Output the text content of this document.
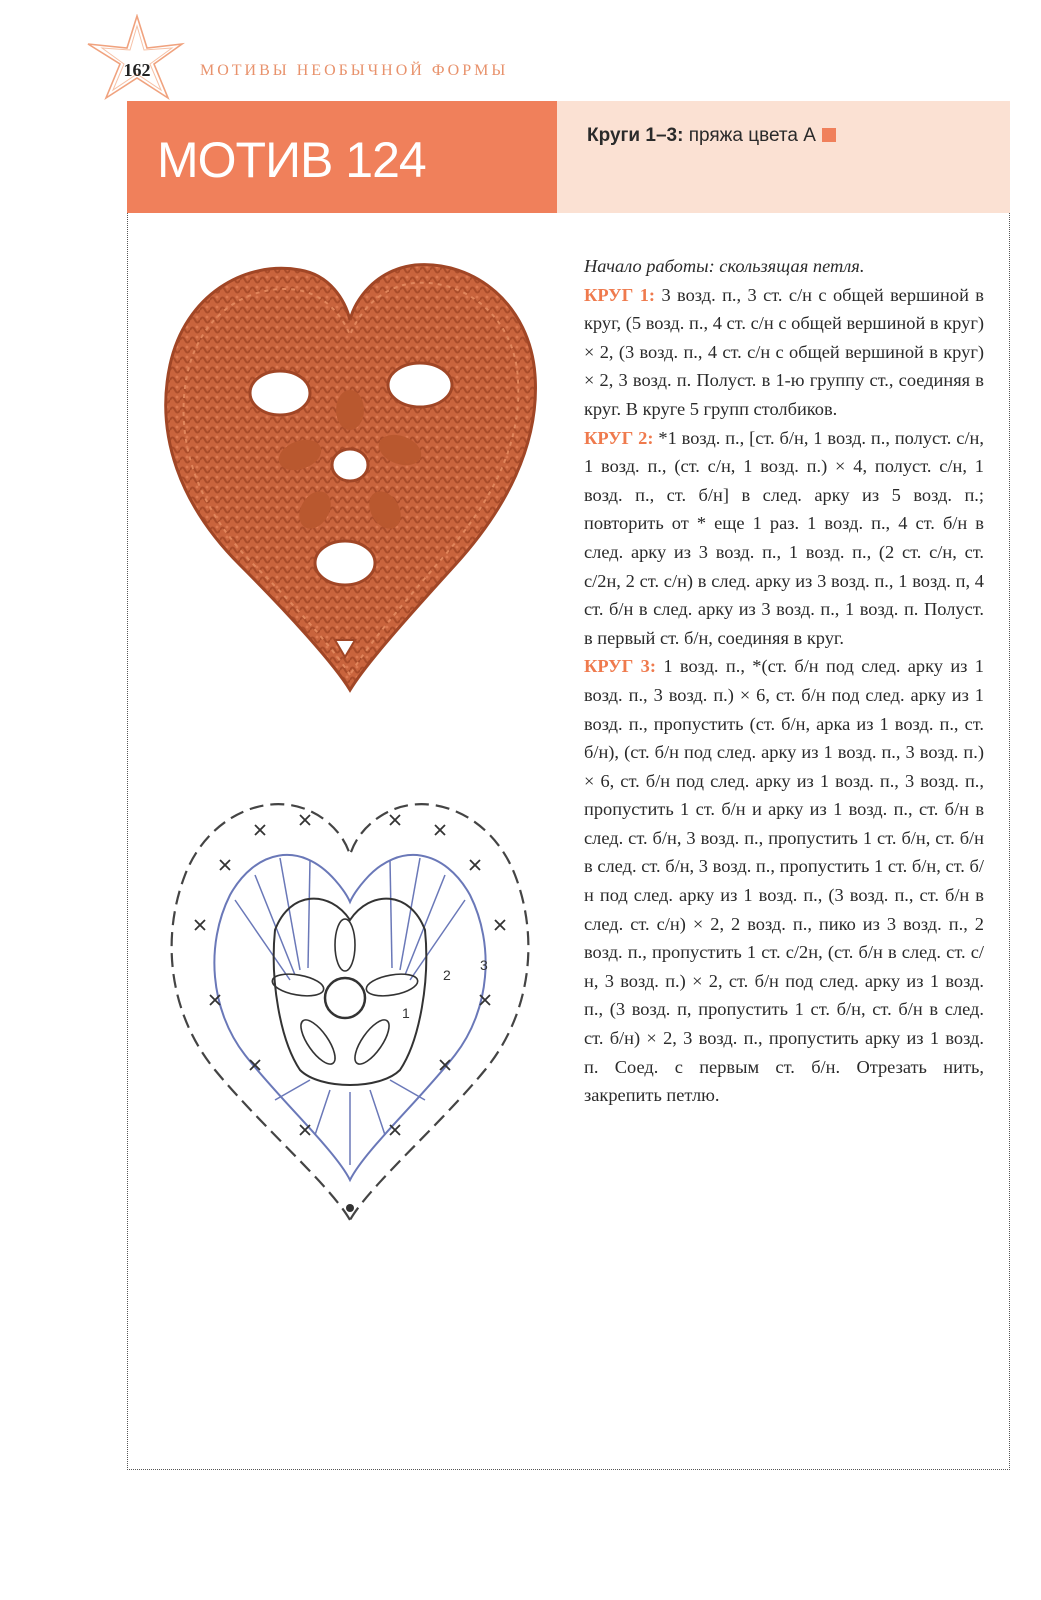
162	МОТИВЫ НЕОБЫЧНОЙ ФОРМЫ
МОТИВ 124	Круги 1–3: пряжа цвета А
1
2
3

Начало работы: скользящая петля.

КРУГ 1: 3 возд. п., 3 ст. с/н с общей вершиной в круг, (5 возд. п., 4 ст. с/н с общей вершиной в круг) × 2, (3 возд. п., 4 ст. с/н с общей вершиной в круг) × 2, 3 возд. п. Полуст. в 1-ю группу ст., соединяя в круг. В круге 5 групп столбиков.

КРУГ 2: *1 возд. п., [ст. б/н, 1 возд. п., полуст. с/н, 1 возд. п., (ст. с/н, 1 возд. п.) × 4, полуст. с/н, 1 возд. п., ст. б/н] в след. арку из 5 возд. п.; повторить от * еще 1 раз. 1 возд. п., 4 ст. б/н в след. арку из 3 возд. п., 1 возд. п., (2 ст. с/н, ст. с/2н, 2 ст. с/н) в след. арку из 3 возд. п., 1 возд. п, 4 ст. б/н в след. арку из 3 возд. п., 1 возд. п. Полуст. в первый ст. б/н, соединяя в круг.

КРУГ 3: 1 возд. п., *(ст. б/н под след. арку из 1 возд. п., 3 возд. п.) × 6, ст. б/н под след. арку из 1 возд. п., пропустить (ст. б/н, арка из 1 возд. п., ст. б/н), (ст. б/н под след. арку из 1 возд. п., 3 возд. п.) × 6, ст. б/н под след. арку из 1 возд. п., 3 возд. п., пропустить 1 ст. б/н и арку из 1 возд. п., ст. б/н в след. ст. б/н, 3 возд. п., пропустить 1 ст. б/н, ст. б/н в след. ст. б/н, 3 возд. п., пропустить 1 ст. б/н, ст. б/н под след. арку из 1 возд. п., (3 возд. п., ст. б/н в след. ст. с/н) × 2, 2 возд. п., пико из 3 возд. п., 2 возд. п., пропустить 1 ст. с/2н, (ст. б/н в след. ст. с/н, 3 возд. п.) × 2, ст. б/н под след. арку из 1 возд. п., (3 возд. п, пропустить 1 ст. б/н, ст. б/н в след. ст. б/н) × 2, 3 возд. п., пропустить арку из 1 возд. п. Соед. с первым ст. б/н. Отрезать нить, закрепить петлю.
